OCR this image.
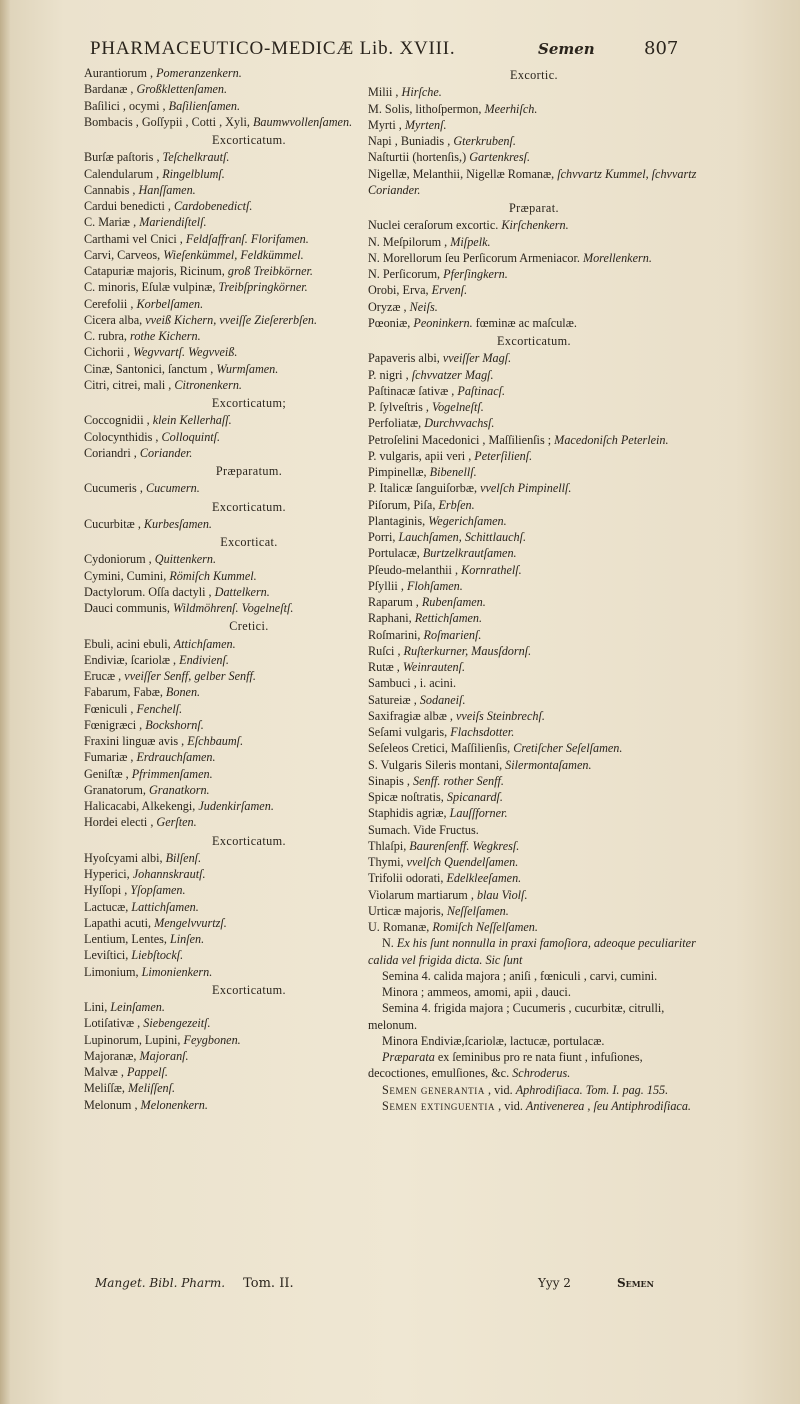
PHARMACEUTICO-MEDICÆ Lib. XVIII.	Semen	807
Aurantiorum , Pomeranzenkern.
Bardanæ , Großklettenſamen.
Baſilici , ocymi , Baſilienſamen.
Bombacis , Goſſypii , Cotti , Xyli, Baumwvollenſamen.
Excorticatum.
Burſæ paſtoris , Teſchelkrautſ.
Calendularum , Ringelblumſ.
Cannabis , Hanſſamen.
Cardui benedicti , Cardobenedictſ.
C. Mariæ , Mariendiſtelſ.
Carthami vel Cnici , Feldſaffranſ. Florifamen.
Carvi, Carveos, Wieſenkümmel, Feldkümmel.
Catapuriæ majoris, Ricinum, groß Treibkörner.
C. minoris, Eſulæ vulpinæ, Treibſpringkörner.
Cerefolii , Korbelſamen.
Cicera alba, vveiß Kichern, vveiſſe Zieſererbſen.
C. rubra, rothe Kichern.
Cichorii , Wegvvartſ. Wegvveiß.
Cinæ, Santonici, ſanctum , Wurmſamen.
Citri, citrei, mali , Citronenkern.
Excorticatum;
Coccognidii , klein Kellerhaſſ.
Colocynthidis , Colloquintſ.
Coriandri , Coriander.
Præparatum.
Cucumeris , Cucumern.
Excorticatum.
Cucurbitæ , Kurbesſamen.
Excorticat.
Cydoniorum , Quittenkern.
Cymini, Cumini, Römiſch Kummel.
Dactylorum. Oſſa dactyli , Dattelkern.
Dauci communis, Wildmöhrenſ. Vogelneſtſ.
Cretici.
Ebuli, acini ebuli, Attichſamen.
Endiviæ, ſcariolæ , Endivienſ.
Erucæ , vveiſſer Senff, gelber Senff.
Fabarum, Fabæ, Bonen.
Fœniculi , Fenchelſ.
Fœnigræci , Bockshornſ.
Fraxini linguæ avis , Eſchbaumſ.
Fumariæ , Erdrauchſamen.
Geniſtæ , Pfrimmenſamen.
Granatorum, Granatkorn.
Halicacabi, Alkekengi, Judenkirſamen.
Hordei electi , Gerſten.
Excorticatum.
Hyoſcyami albi, Bilſenſ.
Hyperici, Johannskrautſ.
Hyſſopi , Yſopſamen.
Lactucæ, Lattichſamen.
Lapathi acuti, Mengelvvurtzſ.
Lentium, Lentes, Linſen.
Leviſtici, Liebſtockſ.
Limonium, Limonienkern.
Excorticatum.
Lini, Leinſamen.
Lotiſativæ , Siebengezeitſ.
Lupinorum, Lupini, Feygbonen.
Majoranæ, Majoranſ.
Malvæ , Pappelſ.
Meliſſæ, Meliſſenſ.
Melonum , Melonenkern.
Excortic.
Milii , Hirſche.
M. Solis, lithoſpermon, Meerhiſch.
Myrti , Myrtenſ.
Napi , Buniadis , Gterkrubenſ.
Naſturtii (hortenſis,) Gartenkresſ.
Nigellæ, Melanthii, Nigellæ Romanæ, ſchvvartz Kummel, ſchvvartz Coriander.
Præparat.
Nuclei ceraſorum excortic. Kirſchenkern.
N. Meſpilorum , Miſpelk.
N. Morellorum ſeu Perſicorum Armeniacor. Morellenkern.
N. Perſicorum, Pferſingkern.
Orobi, Erva, Ervenſ.
Oryzæ , Neiſs.
Pœoniæ, Peoninkern. fœminæ ac maſculæ.
Excorticatum.
Papaveris albi, vveiſſer Magſ.
P. nigri , ſchvvatzer Magſ.
Paſtinacæ ſativæ , Paſtinacſ.
P. ſylveſtris , Vogelneſtſ.
Perfoliatæ, Durchvvachsſ.
Petroſelini Macedonici , Maſſilienſis ; Macedoniſch Peterlein.
P. vulgaris, apii veri , Peterſilienſ.
Pimpinellæ, Bibenellſ.
P. Italicæ ſanguiſorbæ, vvelſch Pimpinellſ.
Piſorum, Piſa, Erbſen.
Plantaginis, Wegerichſamen.
Porri, Lauchſamen, Schittlauchſ.
Portulacæ, Burtzelkrautſamen.
Pſeudo-melanthii , Kornrathelſ.
Pſyllii , Flohſamen.
Raparum , Rubenſamen.
Raphani, Rettichſamen.
Roſmarini, Roſmarienſ.
Ruſci , Ruſterkurner, Mausſdornſ.
Rutæ , Weinrautenſ.
Sambuci , i. acini.
Satureiæ , Sodaneiſ.
Saxifragiæ albæ , vveiſs Steinbrechſ.
Seſami vulgaris, Flachsdotter.
Seſeleos Cretici, Maſſilienſis, Cretiſcher Seſelſamen.
S. Vulgaris Sileris montani, Silermontaſamen.
Sinapis , Senff. rother Senff.
Spicæ noſtratis, Spicanardſ.
Staphidis agriæ, Lauſſforner.
Sumach. Vide Fructus.
Thlaſpi, Baurenſenff. Wegkresſ.
Thymi, vvelſch Quendelſamen.
Trifolii odorati, Edelkleeſamen.
Violarum martiarum , blau Violſ.
Urticæ majoris, Neſſelſamen.
U. Romanæ, Romiſch Neſſelſamen.
N. Ex his ſunt nonnulla in praxi famoſiora, adeoque peculiariter calida vel frigida dicta. Sic ſunt
Semina 4. calida majora ; aniſi , fœniculi , carvi, cumini.
Minora ; ammeos, amomi, apii , dauci.
Semina 4. frigida majora ; Cucumeris , cucurbitæ, citrulli, melonum.
Minora Endiviæ,ſcariolæ, lactucæ, portulacæ.
Præparata ex ſeminibus pro re nata fiunt , infuſiones, decoctiones, emulſiones, &c. Schroderus.
Semen generantia , vid. Aphrodiſiaca. Tom. I. pag. 155.
Semen extinguentia , vid. Antivenerea , ſeu Antiphrodiſiaca.
Manget. Bibl. Pharm. Tom. II.	Yyy 2	Semen
